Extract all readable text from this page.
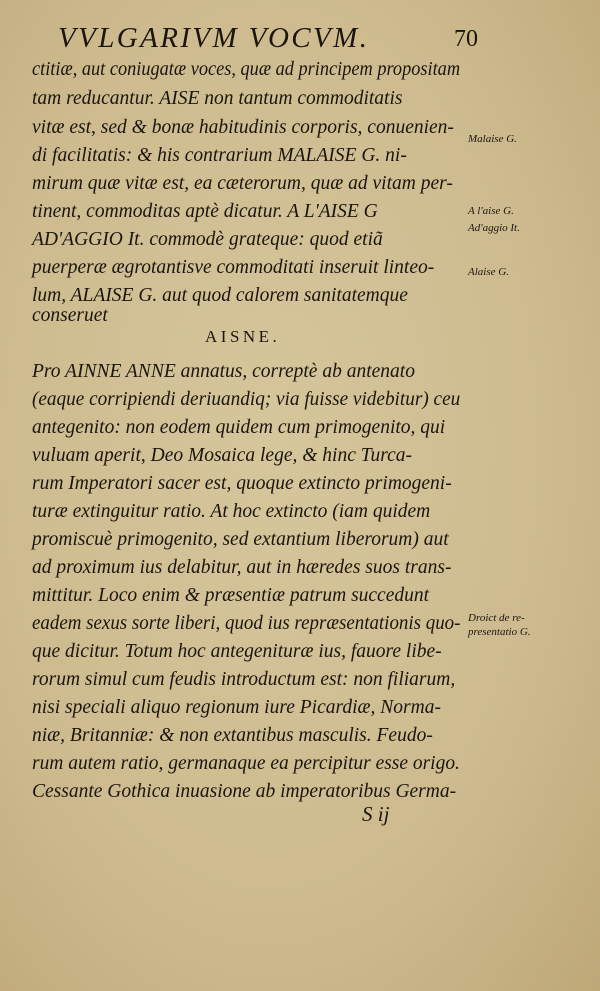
VVLGARIVM VOCVM.	70
ctitiæ, aut coniugatæ voces, quæ ad principem propositam
tam reducantur. AISE non tantum commoditatis
vitæ est, sed & bonæ habitudinis corporis, conuenien-
di facilitatis: & his contrarium MALAISE G. ni-
mirum quæ vitæ est, ea cæterorum, quæ ad vitam per-
tinent, commoditas aptè dicatur. A L'AISE G
AD'AGGIO It. commodè grateque: quod etiã
puerperæ ægrotantisve commoditati inseruit linteo-
lum, ALAISE G. aut quod calorem sanitatemque
conseruet
AISNE.
Pro AINNE ANNE annatus, correptè ab antenato
(eaque corripiendi deriuandiq; via fuisse videbitur) ceu
antegenito: non eodem quidem cum primogenito, qui
vuluam aperit, Deo Mosaica lege, & hinc Turca-
rum Imperatori sacer est, quoque extincto primogeni-
turæ extinguitur ratio. At hoc extincto (iam quidem
promiscuè primogenito, sed extantium liberorum) aut
ad proximum ius delabitur, aut in hæredes suos trans-
mittitur. Loco enim & præsentiæ patrum succedunt
eadem sexus sorte liberi, quod ius repræsentationis quo-
que dicitur. Totum hoc antegenituræ ius, fauore libe-
rorum simul cum feudis introductum est: non filiarum,
nisi speciali aliquo regionum iure Picardiæ, Norma-
niæ, Britanniæ: & non extantibus masculis. Feudo-
rum autem ratio, germanaque ea percipitur esse origo.
Cessante Gothica inuasione ab imperatoribus Germa-
S ij
Malaise G.
A l'aise G.
Ad'aggio It.
Alaise G.
Droict de re-
presentatio G.
